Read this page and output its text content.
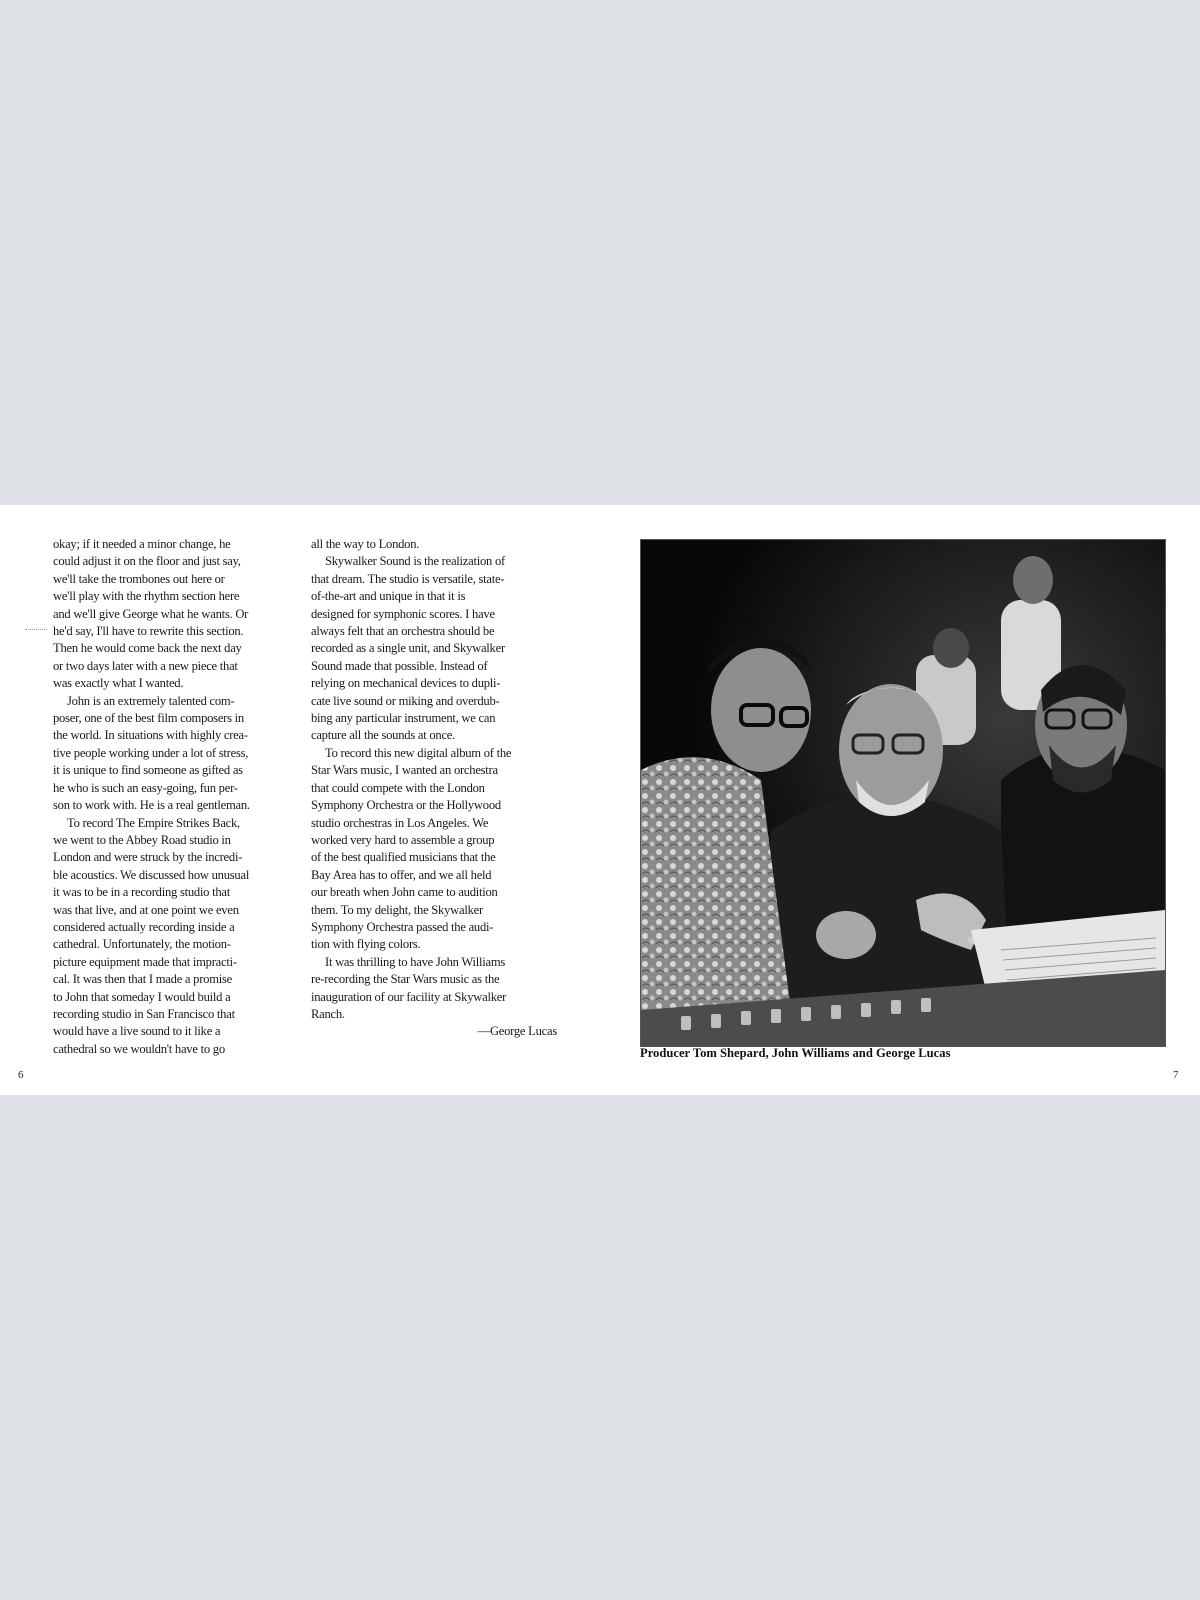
okay; if it needed a minor change, he
could adjust it on the floor and just say,
we'll take the trombones out here or
we'll play with the rhythm section here
and we'll give George what he wants. Or
he'd say, I'll have to rewrite this section.
Then he would come back the next day
or two days later with a new piece that
was exactly what I wanted.
John is an extremely talented com-
poser, one of the best film composers in
the world. In situations with highly crea-
tive people working under a lot of stress,
it is unique to find someone as gifted as
he who is such an easy-going, fun per-
son to work with. He is a real gentleman.
To record The Empire Strikes Back,
we went to the Abbey Road studio in
London and were struck by the incredi-
ble acoustics. We discussed how unusual
it was to be in a recording studio that
was that live, and at one point we even
considered actually recording inside a
cathedral. Unfortunately, the motion-
picture equipment made that impracti-
cal. It was then that I made a promise
to John that someday I would build a
recording studio in San Francisco that
would have a live sound to it like a
cathedral so we wouldn't have to go
all the way to London.
Skywalker Sound is the realization of
that dream. The studio is versatile, state-
of-the-art and unique in that it is
designed for symphonic scores. I have
always felt that an orchestra should be
recorded as a single unit, and Skywalker
Sound made that possible. Instead of
relying on mechanical devices to dupli-
cate live sound or miking and overdub-
bing any particular instrument, we can
capture all the sounds at once.
To record this new digital album of the
Star Wars music, I wanted an orchestra
that could compete with the London
Symphony Orchestra or the Hollywood
studio orchestras in Los Angeles. We
worked very hard to assemble a group
of the best qualified musicians that the
Bay Area has to offer, and we all held
our breath when John came to audition
them. To my delight, the Skywalker
Symphony Orchestra passed the audi-
tion with flying colors.
It was thrilling to have John Williams
re-recording the Star Wars music as the
inauguration of our facility at Skywalker
Ranch.
—George Lucas
6
Producer Tom Shepard, John Williams and George Lucas
7
